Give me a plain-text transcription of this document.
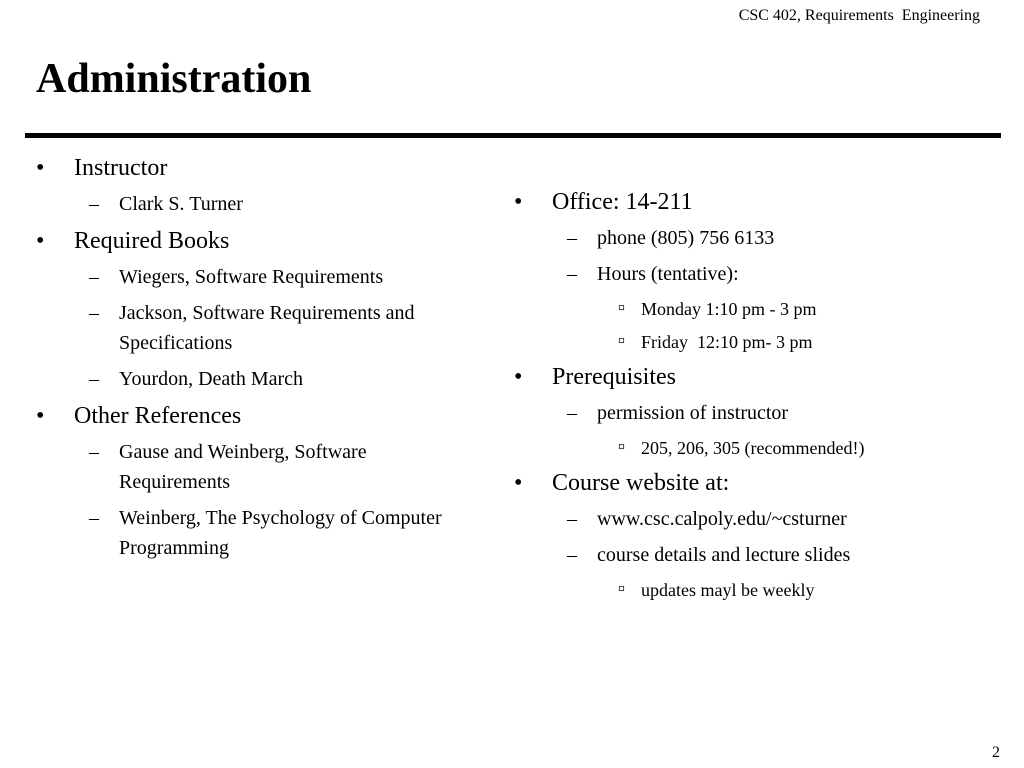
CSC 402, Requirements  Engineering
Administration
• Instructor
– Clark S. Turner
• Required Books
– Wiegers, Software Requirements
– Jackson, Software Requirements and Specifications
– Yourdon, Death March
• Other References
– Gause and Weinberg, Software Requirements
– Weinberg, The Psychology of Computer Programming
• Office: 14-211
– phone (805) 756 6133
– Hours (tentative):
¤ Monday 1:10 pm - 3 pm
¤ Friday  12:10 pm- 3 pm
• Prerequisites
– permission of instructor
¤ 205, 206, 305 (recommended!)
• Course website at:
– www.csc.calpoly.edu/~csturner
– course details and lecture slides
¤ updates mayl be weekly
2
